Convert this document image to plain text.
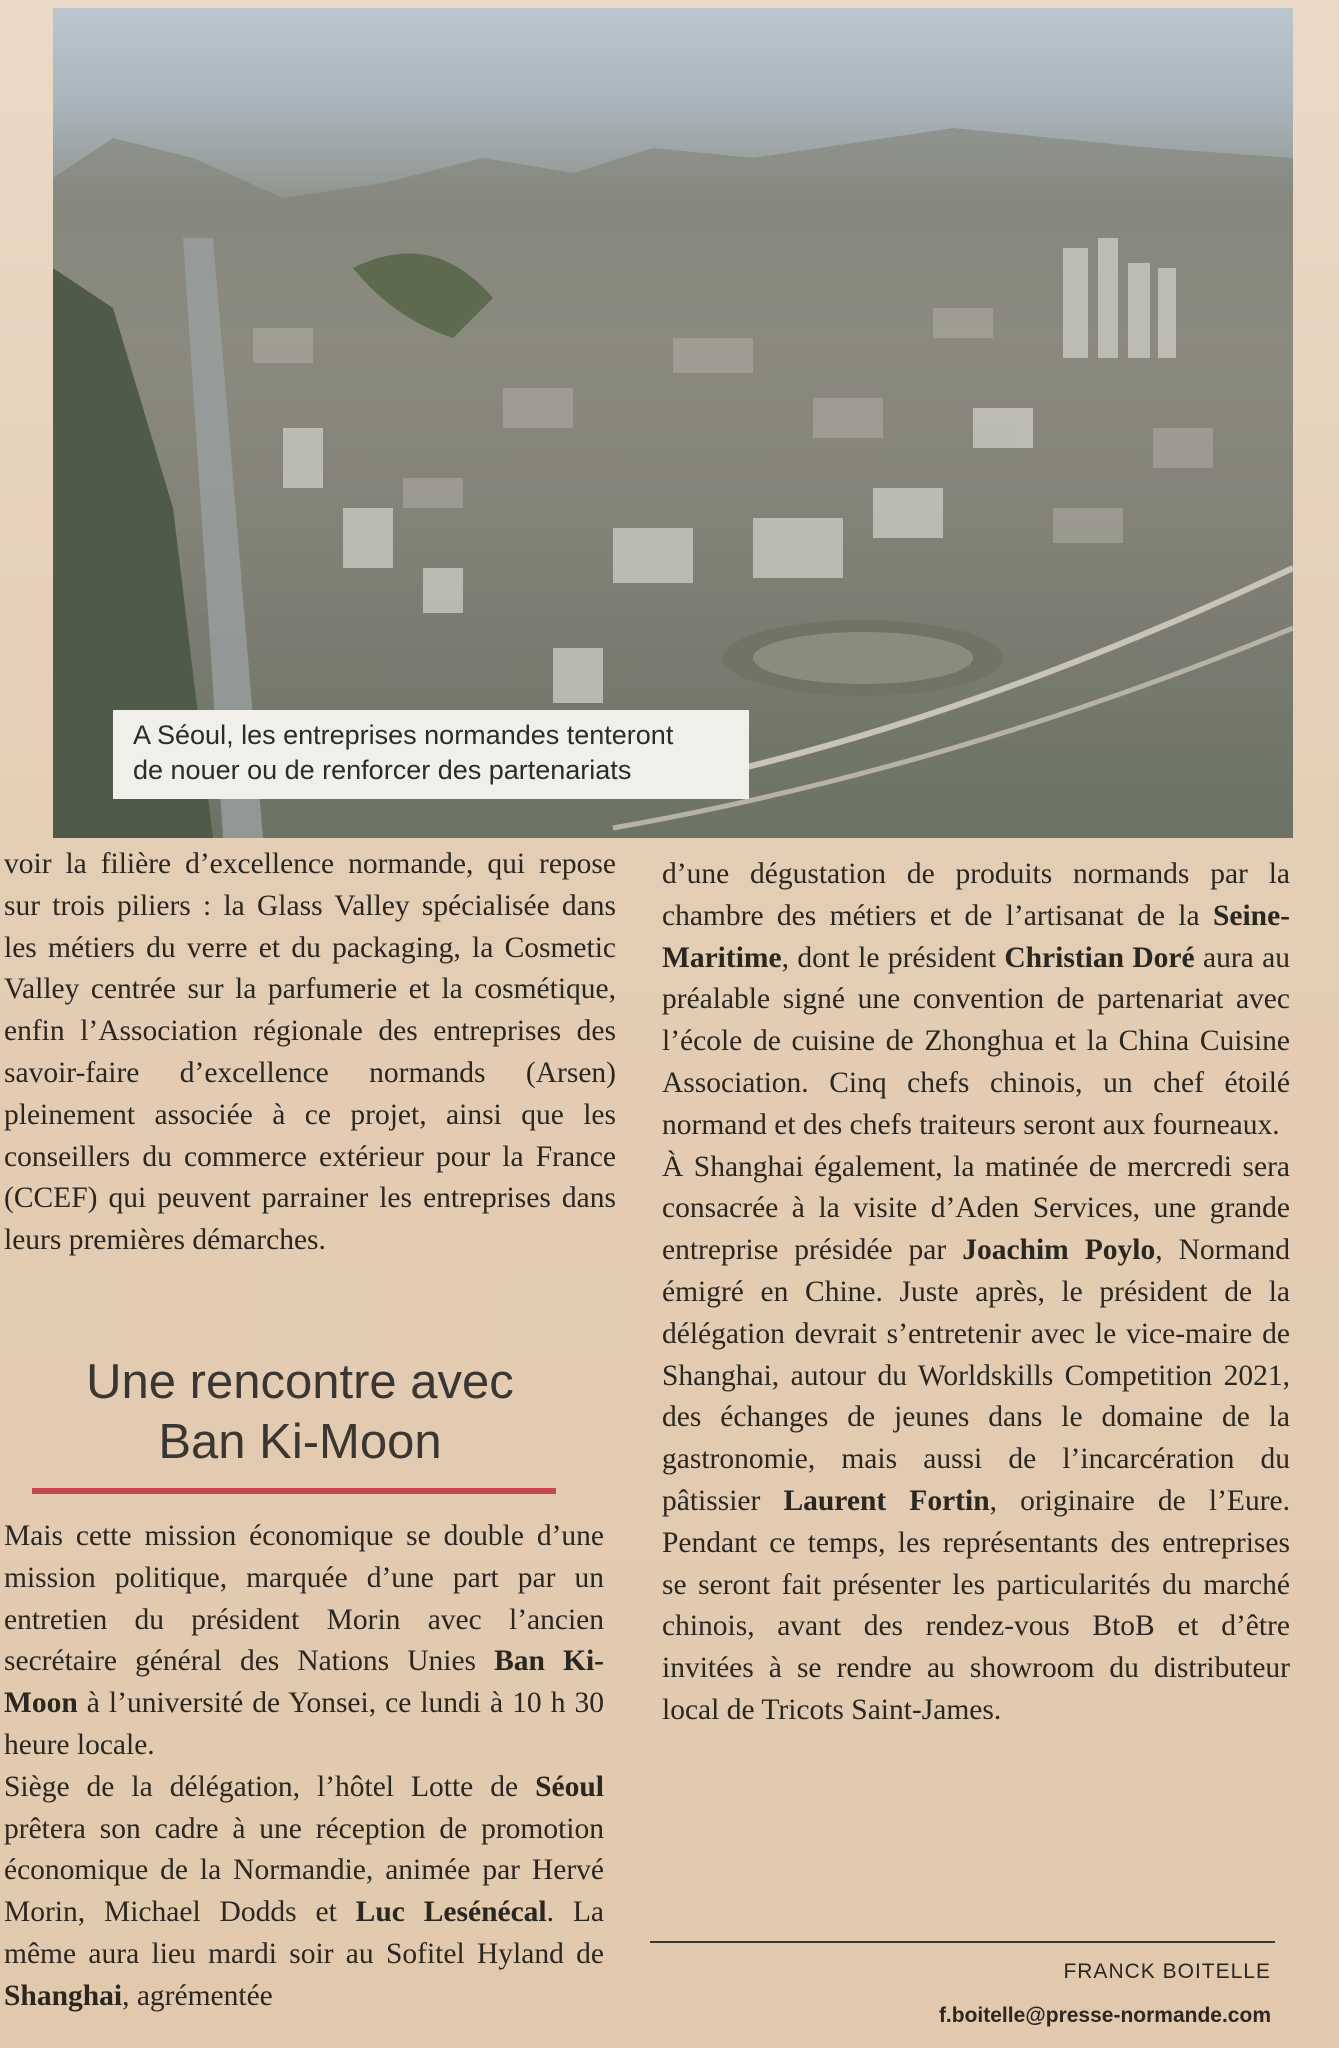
A Séoul, les entreprises normandes tenteront
de nouer ou de renforcer des partenariats

voir la filière d’excellence normande, qui repose sur trois piliers : la Glass Valley spécialisée dans les métiers du verre et du packaging, la Cosmetic Valley centrée sur la parfumerie et la cosmétique, enfin l’Association régionale des entreprises des savoir-faire d’excellence normands (Arsen) pleinement associée à ce projet, ainsi que les conseillers du commerce extérieur pour la France (CCEF) qui peuvent parrainer les entreprises dans leurs premières démarches.

Une rencontre avec
Ban Ki-Moon

Mais cette mission économique se double d’une mission politique, marquée d’une part par un entretien du président Morin avec l’ancien secrétaire général des Nations Unies Ban Ki-Moon à l’université de Yonsei, ce lundi à 10 h 30 heure locale.

Siège de la délégation, l’hôtel Lotte de Séoul prêtera son cadre à une réception de promotion économique de la Normandie, animée par Hervé Morin, Michael Dodds et Luc Lesénécal. La même aura lieu mardi soir au Sofitel Hyland de Shanghai, agrémentée

d’une dégustation de produits normands par la chambre des métiers et de l’artisanat de la Seine-Maritime, dont le président Christian Doré aura au préalable signé une convention de partenariat avec l’école de cuisine de Zhonghua et la China Cuisine Association. Cinq chefs chinois, un chef étoilé normand et des chefs traiteurs seront aux fourneaux.

À Shanghai également, la matinée de mercredi sera consacrée à la visite d’Aden Services, une grande entreprise présidée par Joachim Poylo, Normand émigré en Chine. Juste après, le président de la délégation devrait s’entretenir avec le vice-maire de Shanghai, autour du Worldskills Competition 2021, des échanges de jeunes dans le domaine de la gastronomie, mais aussi de l’incarcération du pâtissier Laurent Fortin, originaire de l’Eure. Pendant ce temps, les représentants des entreprises se seront fait présenter les particularités du marché chinois, avant des rendez-vous BtoB et d’être invitées à se rendre au showroom du distributeur local de Tricots Saint-James.

FRANCK BOITELLE
f.boitelle@presse-normande.com
